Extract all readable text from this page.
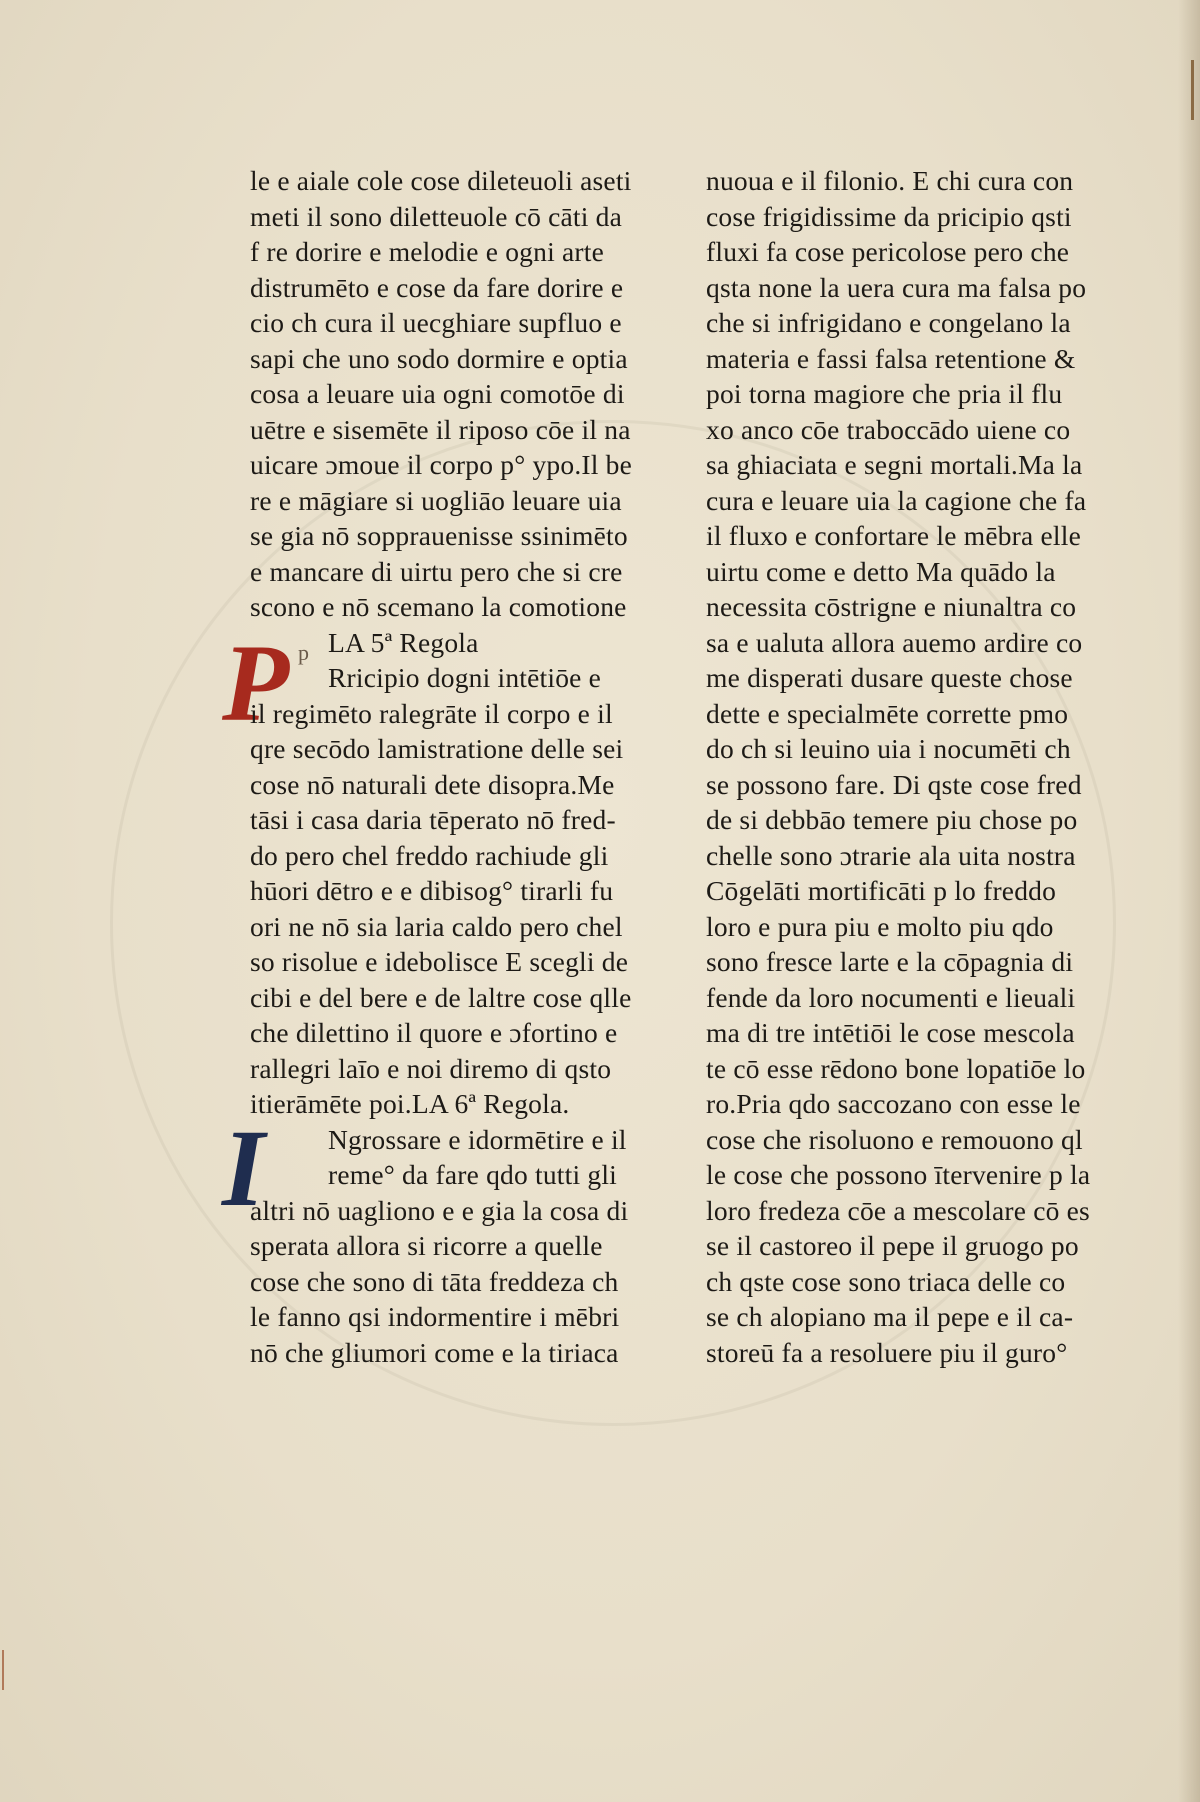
P p
I
le e aiale cole cose dileteuoli aseti
meti il sono diletteuole cō cāti da
f re dorire e melodie e ogni arte
distrumēto e cose da fare dorire e
cio ch cura il uecghiare supfluo e
sapi che uno sodo dormire e optia
cosa a leuare uia ogni comotōe di
uētre e sisemēte il riposo cōe il na
uicare ɔmoue il corpo p° ypo.Il be
re e māgiare si uogliāo leuare uia
se gia nō sopprauenisse ssinimēto
e mancare di uirtu pero che si cre
scono e nō scemano la comotione
LA 5ª Regola
Rricipio dogni intētiōe e
il regimēto ralegrāte il corpo e il
qre secōdo lamistratione delle sei
cose nō naturali dete disopra.Me
tāsi i casa daria tēperato nō fred-
do pero chel freddo rachiude gli
hūori dētro e e dibisog° tirarli fu
ori ne nō sia laria caldo pero chel
so risolue e idebolisce E scegli de
cibi e del bere e de laltre cose qlle
che dilettino il quore e ɔfortino e
rallegri laīo e noi diremo di qsto
itierāmēte poi.LA 6ª Regola.
Ngrossare e idormētire e il
reme° da fare qdo tutti gli
altri nō uagliono e e gia la cosa di
sperata allora si ricorre a quelle
cose che sono di tāta freddeza ch
le fanno qsi indormentire i mēbri
nō che gliumori come e la tiriaca
nuoua e il filonio. E chi cura con
cose frigidissime da pricipio qsti
fluxi fa cose pericolose pero che
qsta none la uera cura ma falsa po
che si infrigidano e congelano la
materia e fassi falsa retentione &
poi torna magiore che pria il flu
xo anco cōe traboccādo uiene co
sa ghiaciata e segni mortali.Ma la
cura e leuare uia la cagione che fa
il fluxo e confortare le mēbra elle
uirtu come e detto Ma quādo la
necessita cōstrigne e niunaltra co
sa e ualuta allora auemo ardire co
me disperati dusare queste chose
dette e specialmēte corrette pmo
do ch si leuino uia i nocumēti ch
se possono fare. Di qste cose fred
de si debbāo temere piu chose po
chelle sono ɔtrarie ala uita nostra
Cōgelāti mortificāti p lo freddo
loro e pura piu e molto piu qdo
sono fresce larte e la cōpagnia di
fende da loro nocumenti e lieuali
ma di tre intētiōi le cose mescola
te cō esse rēdono bone lopatiōe lo
ro.Pria qdo saccozano con esse le
cose che risoluono e remouono ql
le cose che possono ītervenire p la
loro fredeza cōe a mescolare cō es
se il castoreo il pepe il gruogo po
ch qste cose sono triaca delle co
se ch alopiano ma il pepe e il ca-
storeū fa a resoluere piu il guro°
